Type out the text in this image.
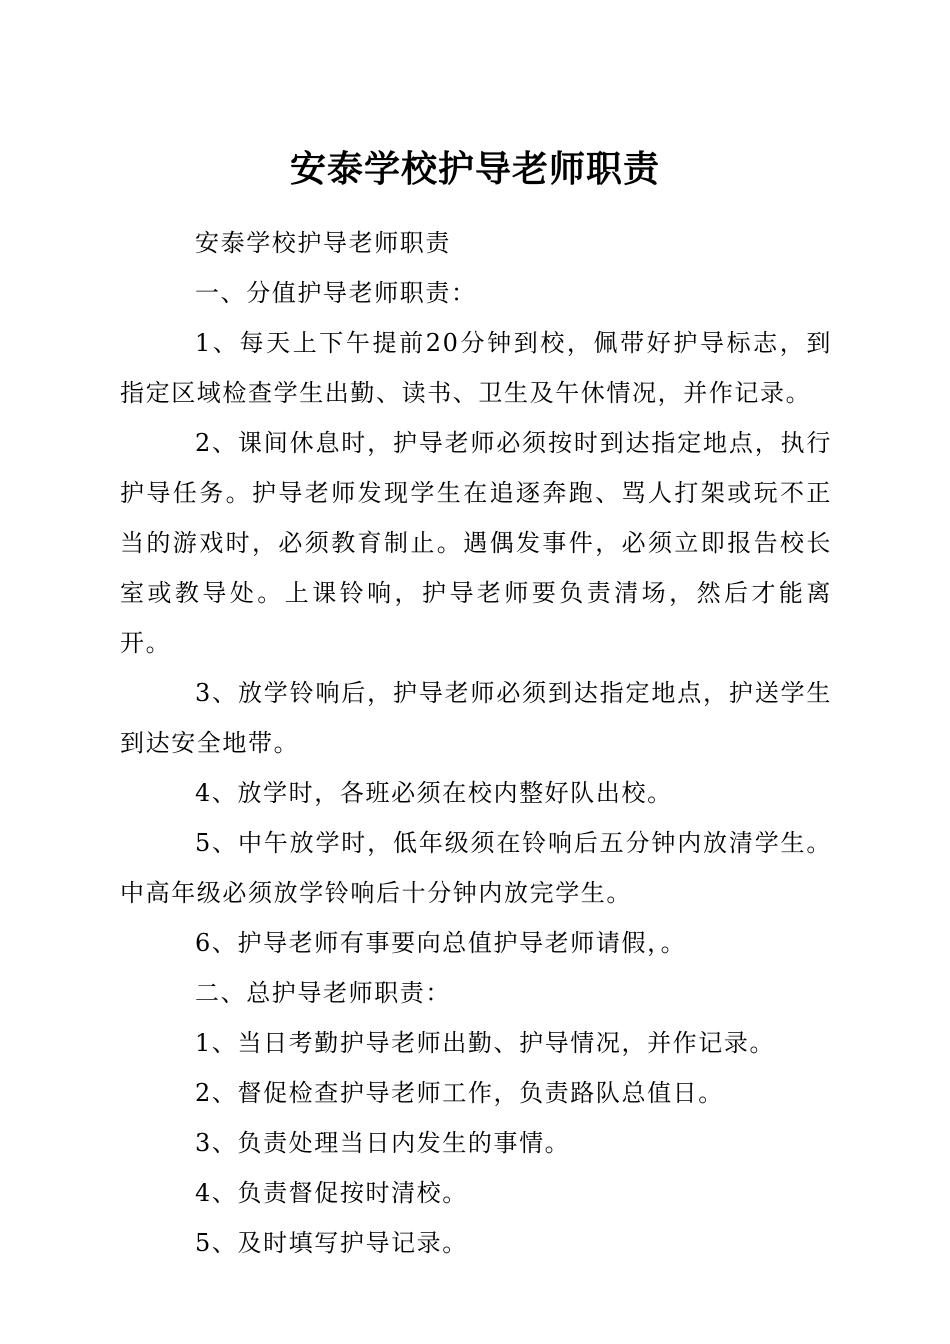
安泰学校护导老师职责

安泰学校护导老师职责

一、分值护导老师职责：

1、每天上下午提前20分钟到校，佩带好护导标志，到指定区域检查学生出勤、读书、卫生及午休情况，并作记录。

2、课间休息时，护导老师必须按时到达指定地点，执行护导任务。护导老师发现学生在追逐奔跑、骂人打架或玩不正当的游戏时，必须教育制止。遇偶发事件，必须立即报告校长室或教导处。上课铃响，护导老师要负责清场，然后才能离开。

3、放学铃响后，护导老师必须到达指定地点，护送学生到达安全地带。

4、放学时，各班必须在校内整好队出校。

5、中午放学时，低年级须在铃响后五分钟内放清学生。中高年级必须放学铃响后十分钟内放完学生。

6、护导老师有事要向总值护导老师请假，。

二、总护导老师职责：

1、当日考勤护导老师出勤、护导情况，并作记录。

2、督促检查护导老师工作，负责路队总值日。

3、负责处理当日内发生的事情。

4、负责督促按时清校。

5、及时填写护导记录。
